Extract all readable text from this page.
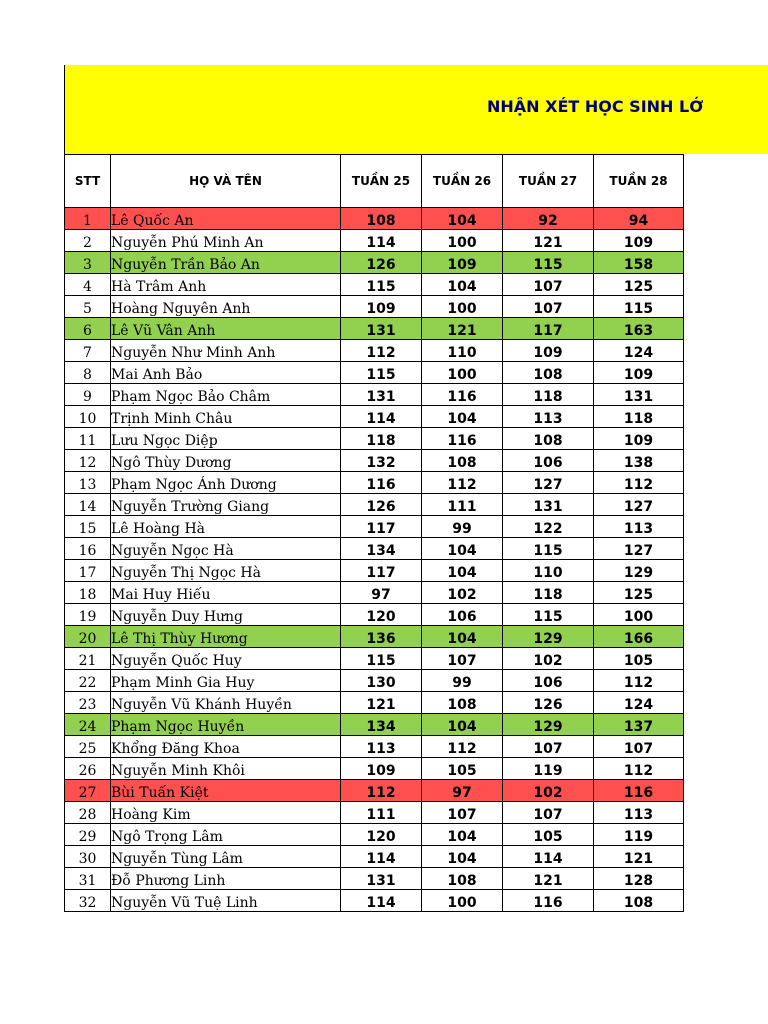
NHẬN XÉT HỌC SINH LỚ
STT	HỌ VÀ TÊN	TUẦN 25	TUẦN 26	TUẦN 27	TUẦN 28
1	Lê Quốc An	108	104	92	94
2	Nguyễn Phú Minh An	114	100	121	109
3	Nguyễn Trần Bảo An	126	109	115	158
4	Hà Trâm Anh	115	104	107	125
5	Hoàng Nguyên Anh	109	100	107	115
6	Lê Vũ Vân Anh	131	121	117	163
7	Nguyễn Như Minh Anh	112	110	109	124
8	Mai Anh Bảo	115	100	108	109
9	Phạm Ngọc Bảo Châm	131	116	118	131
10	Trịnh Minh Châu	114	104	113	118
11	Lưu Ngọc Diệp	118	116	108	109
12	Ngô Thùy Dương	132	108	106	138
13	Phạm Ngọc Ánh Dương	116	112	127	112
14	Nguyễn Trường Giang	126	111	131	127
15	Lê Hoàng Hà	117	99	122	113
16	Nguyễn Ngọc Hà	134	104	115	127
17	Nguyễn Thị Ngọc Hà	117	104	110	129
18	Mai Huy Hiếu	97	102	118	125
19	Nguyễn Duy Hưng	120	106	115	100
20	Lê Thị Thùy Hương	136	104	129	166
21	Nguyễn Quốc Huy	115	107	102	105
22	Phạm Minh Gia Huy	130	99	106	112
23	Nguyễn Vũ Khánh Huyền	121	108	126	124
24	Phạm Ngọc Huyền	134	104	129	137
25	Khổng Đăng Khoa	113	112	107	107
26	Nguyễn Minh Khôi	109	105	119	112
27	Bùi Tuấn Kiệt	112	97	102	116
28	Hoàng Kim	111	107	107	113
29	Ngô Trọng Lâm	120	104	105	119
30	Nguyễn Tùng Lâm	114	104	114	121
31	Đỗ Phương Linh	131	108	121	128
32	Nguyễn Vũ Tuệ Linh	114	100	116	108
